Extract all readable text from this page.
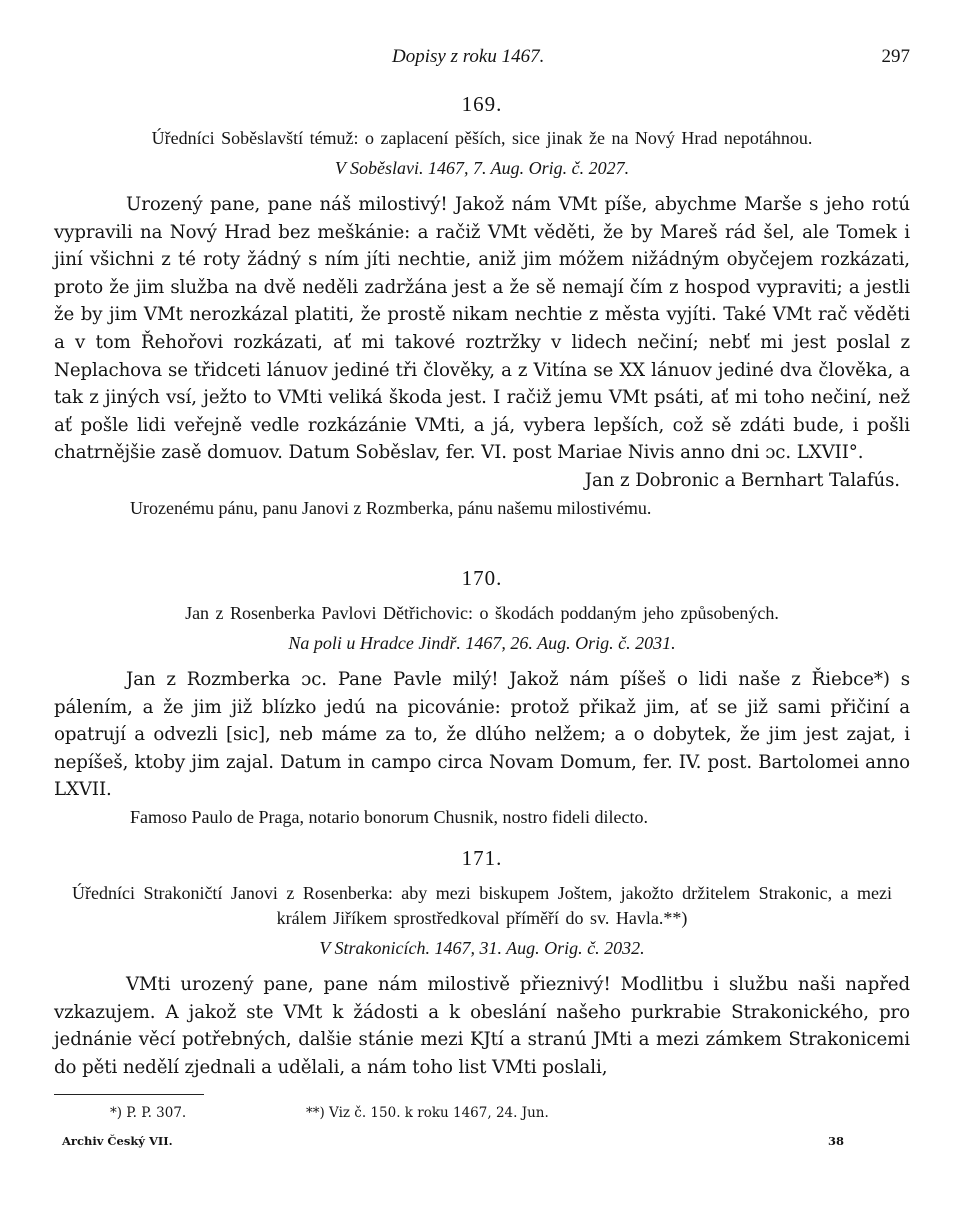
Dopisy z roku 1467.	297
169.
Úředníci Soběslavští témuž: o zaplacení pěších, sice jinak že na Nový Hrad nepotáhnou.
V Soběslavi. 1467, 7. Aug. Orig. č. 2027.

Urozený pane, pane náš milostivý! Jakož nám VMt píše, abychme Marše s jeho rotú vypravili na Nový Hrad bez meškánie: a račiž VMt věděti, že by Mareš rád šel, ale Tomek i jiní všichni z té roty žádný s ním jíti nechtie, aniž jim móžem nižádným obyčejem rozkázati, proto že jim služba na dvě neděli zadržána jest a že sě nemají čím z hospod vypraviti; a jestli že by jim VMt nerozkázal platiti, že prostě nikam nechtie z města vyjíti. Také VMt rač věděti a v tom Řehořovi rozkázati, ať mi takové roztržky v lidech nečiní; nebť mi jest poslal z Neplachova se třidceti lánuov jediné tři člověky, a z Vitína se XX lánuov jediné dva člověka, a tak z jiných vsí, ježto to VMti veliká škoda jest. I račiž jemu VMt psáti, ať mi toho nečiní, než ať pošle lidi veřejně vedle rozkázánie VMti, a já, vybera lepších, což sě zdáti bude, i pošli chatrnějšie zasě domuov. Datum Soběslav, fer. VI. post Mariae Nivis anno dni ɔc. LXVII°.

Jan z Dobronic a Bernhart Talafús.
Urozenému pánu, panu Janovi z Rozmberka, pánu našemu milostivému.
170.
Jan z Rosenberka Pavlovi Dětřichovic: o škodách poddaným jeho způsobených.
Na poli u Hradce Jindř. 1467, 26. Aug. Orig. č. 2031.

Jan z Rozmberka ɔc. Pane Pavle milý! Jakož nám píšeš o lidi naše z Řiebce*) s pálením, a že jim již blízko jedú na picovánie: protož přikaž jim, ať se již sami přičiní a opatrují a odvezli [sic], neb máme za to, že dlúho nelžem; a o dobytek, že jim jest zajat, i nepíšeš, ktoby jim zajal. Datum in campo circa Novam Domum, fer. IV. post. Bartolomei anno LXVII.

Famoso Paulo de Praga, notario bonorum Chusnik, nostro fideli dilecto.
171.
Úředníci Strakoničtí Janovi z Rosenberka: aby mezi biskupem Joštem, jakožto držitelem Strakonic, a mezi králem Jiříkem sprostředkoval příměří do sv. Havla.**)
V Strakonicích. 1467, 31. Aug. Orig. č. 2032.

VMti urozený pane, pane nám milostivě přieznivý! Modlitbu i službu naši napřed vzkazujem. A jakož ste VMt k žádosti a k obeslání našeho purkrabie Strakonického, pro jednánie věcí potřebných, dalšie stánie mezi KJtí a stranú JMti a mezi zámkem Strakonicemi do pěti nedělí zjednali a udělali, a nám toho list VMti poslali,

*) P. P. 307.	**) Viz č. 150. k roku 1467, 24. Jun.
Archiv Český VII.	38
